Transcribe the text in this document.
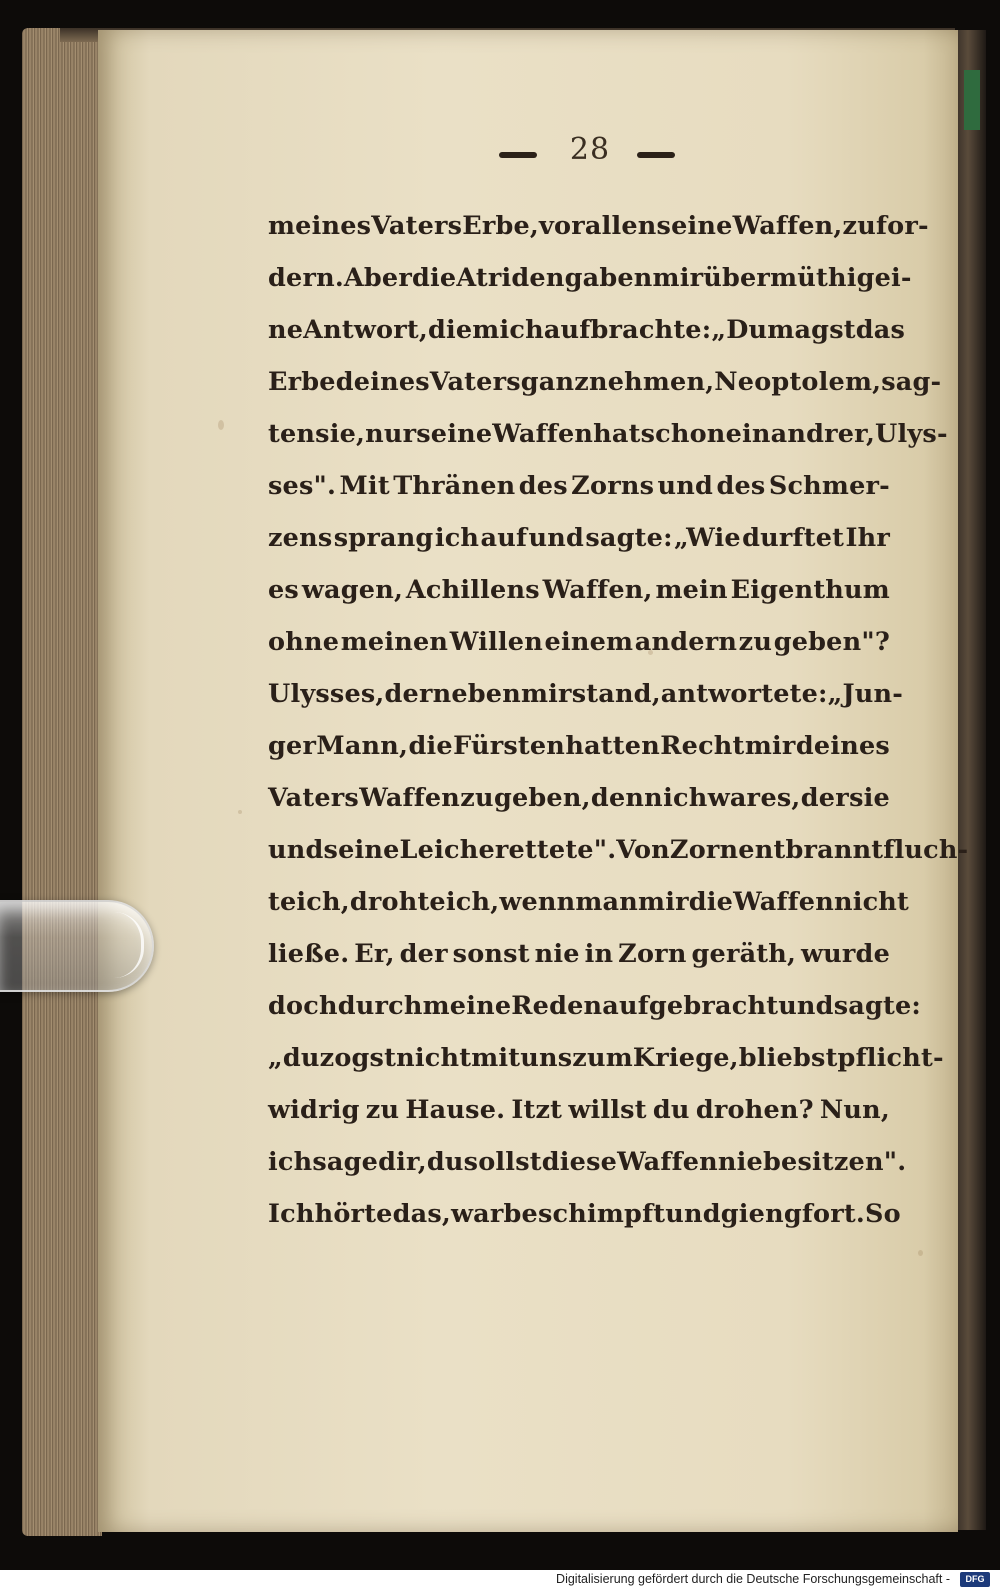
28
meines Vaters Erbe, vor allen seine Waffen, zu for-
dern. Aber die Atriden gaben mir übermüthig ei-
ne Antwort, die mich aufbrachte: „Du magst das
Erbe deines Vaters ganz nehmen, Neoptolem, sag-
ten sie, nur seine Waffen hat schon ein andrer, Ulys-
ses". Mit Thränen des Zorns und des Schmer-
zens sprang ich auf und sagte: „Wie durftet Ihr
es wagen, Achillens Waffen, mein Eigenthum
ohne meinen Willen einem andern zu geben"?
Ulysses, der neben mir stand, antwortete: „Jun-
ger Mann, die Fürsten hatten Recht mir deines
Vaters Waffen zu geben, denn ich war es, der sie
und seine Leiche rettete". Von Zorn entbrannt fluch-
te ich, drohte ich, wenn man mir die Waffen nicht
ließe. Er, der sonst nie in Zorn geräth, wurde
doch durch meine Reden aufgebracht und sagte:
„du zogst nicht mit uns zum Kriege, bliebst pflicht-
widrig zu Hause. Itzt willst du drohen? Nun,
ich sage dir, du sollst diese Waffen nie besitzen".
Ich hörte das, war beschimpft und gieng fort. So
Digitalisierung gefördert durch die Deutsche Forschungsgemeinschaft -	DFG
